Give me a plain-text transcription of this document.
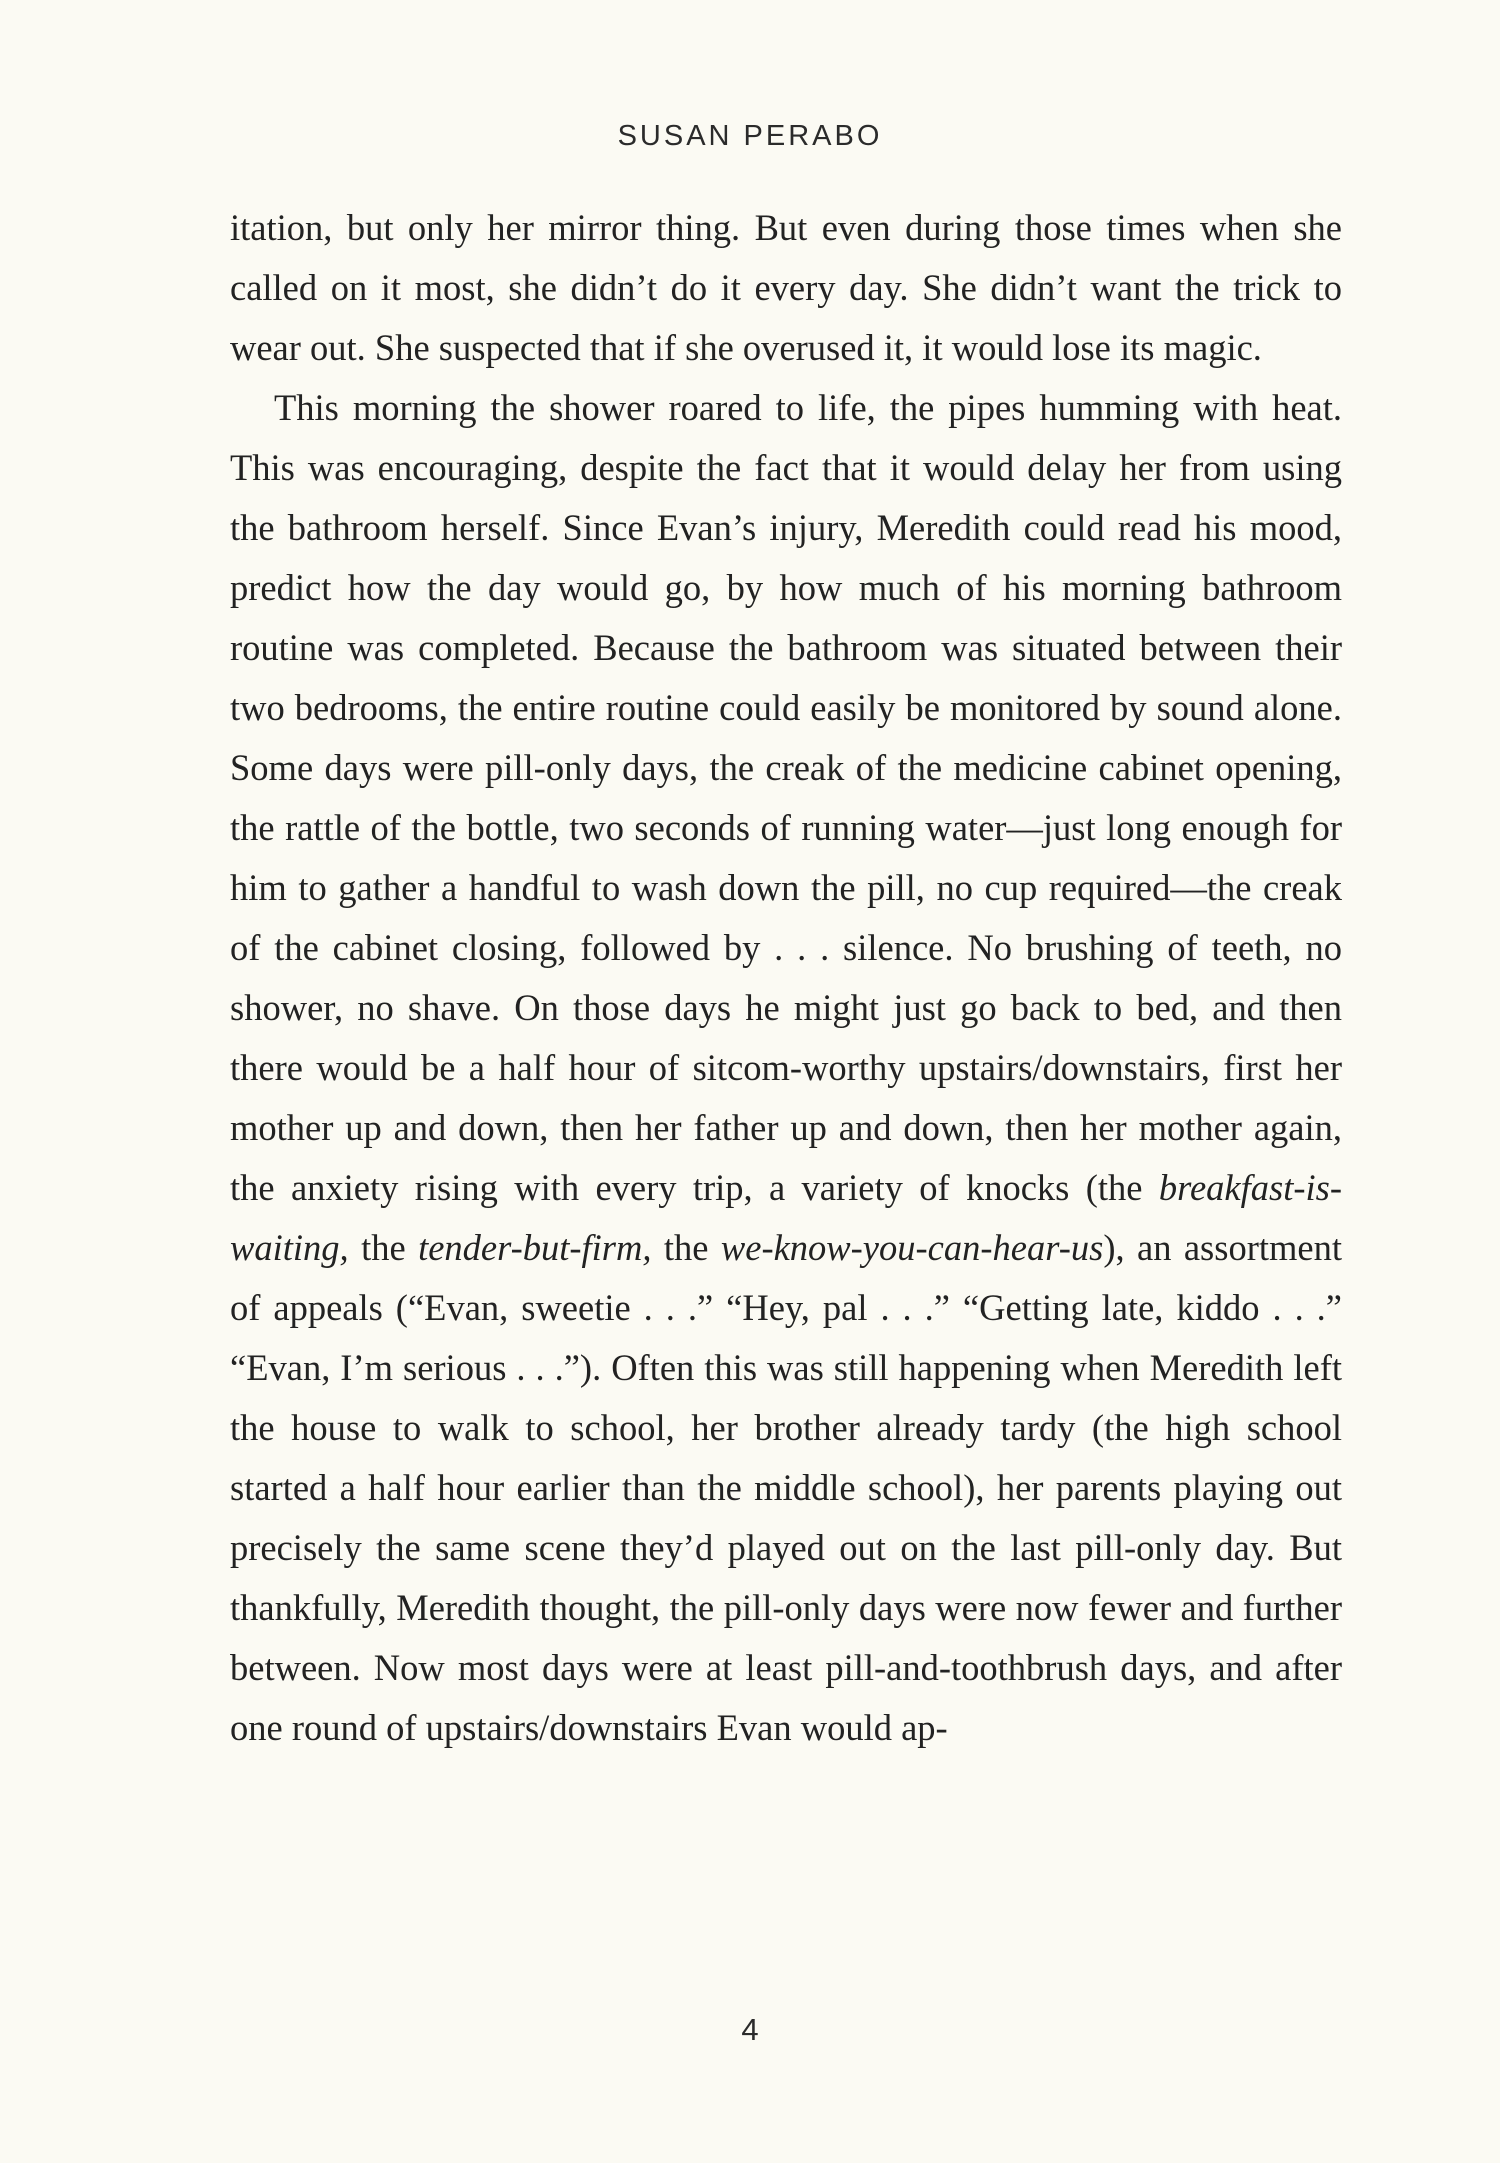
SUSAN PERABO

itation, but only her mirror thing. But even during those times when she called on it most, she didn’t do it every day. She didn’t want the trick to wear out. She suspected that if she overused it, it would lose its magic.

This morning the shower roared to life, the pipes humming with heat. This was encouraging, despite the fact that it would delay her from using the bathroom herself. Since Evan’s injury, Meredith could read his mood, predict how the day would go, by how much of his morning bathroom routine was completed. Because the bathroom was situated between their two bedrooms, the entire routine could easily be monitored by sound alone. Some days were pill-only days, the creak of the medicine cabinet opening, the rattle of the bottle, two seconds of running water—just long enough for him to gather a handful to wash down the pill, no cup required—the creak of the cabinet closing, followed by . . . silence. No brushing of teeth, no shower, no shave. On those days he might just go back to bed, and then there would be a half hour of sitcom-worthy upstairs/downstairs, first her mother up and down, then her father up and down, then her mother again, the anxiety rising with every trip, a variety of knocks (the breakfast-is-waiting, the tender-but-firm, the we-know-you-can-hear-us), an assortment of appeals (“Evan, sweetie . . .” “Hey, pal . . .” “Getting late, kiddo . . .” “Evan, I’m serious . . .”). Often this was still happening when Meredith left the house to walk to school, her brother already tardy (the high school started a half hour earlier than the middle school), her parents playing out precisely the same scene they’d played out on the last pill-only day. But thankfully, Meredith thought, the pill-only days were now fewer and further between. Now most days were at least pill-and-toothbrush days, and after one round of upstairs/downstairs Evan would ap-

4
